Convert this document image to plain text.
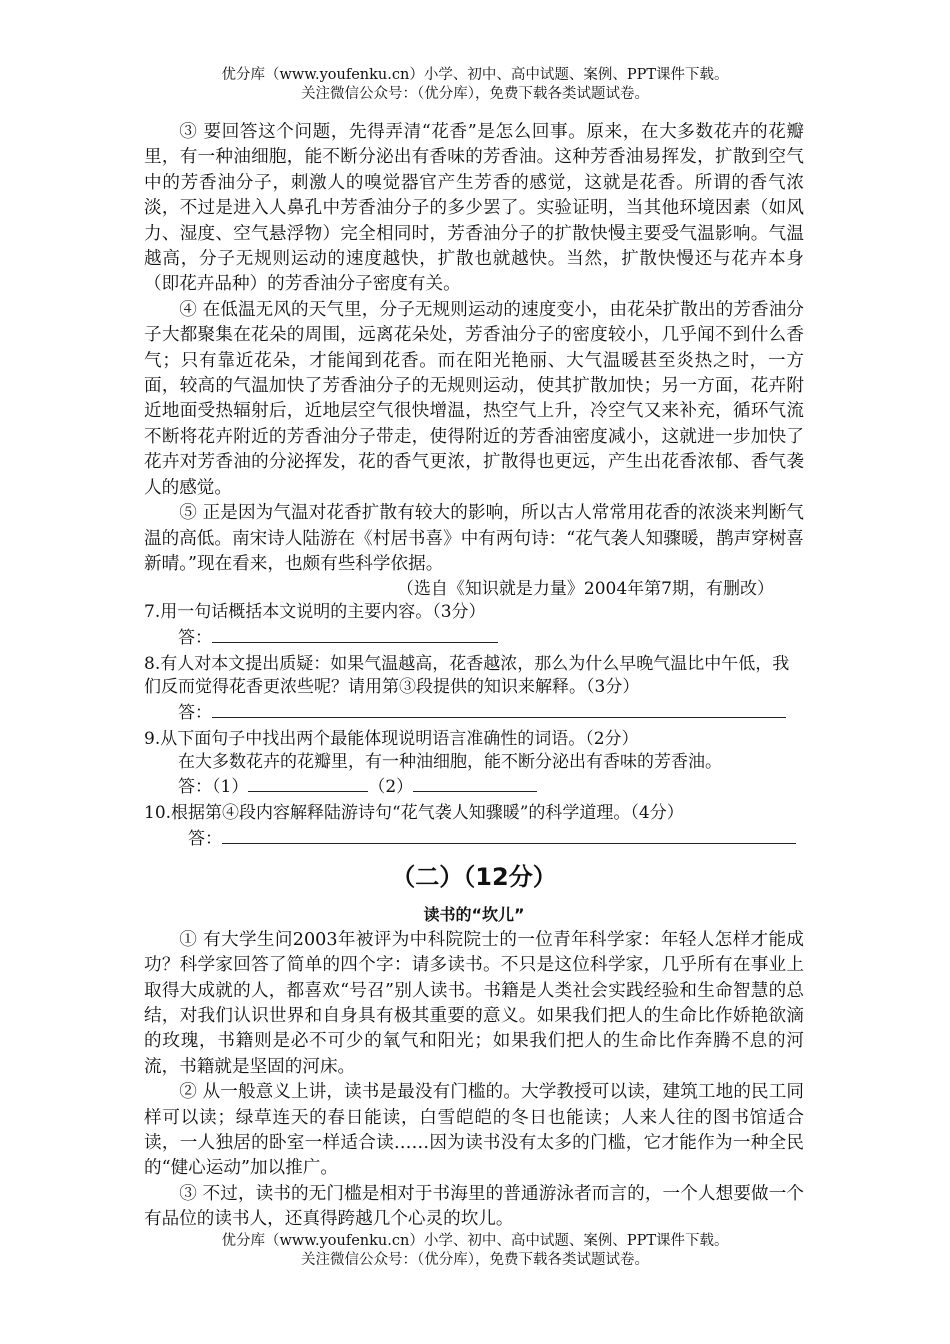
优分库（www.youfenku.cn）小学、初中、高中试题、案例、PPT课件下载。
关注微信公众号：（优分库），免费下载各类试题试卷。

③ 要回答这个问题，先得弄清“花香”是怎么回事。原来，在大多数花卉的花瓣里，有一种油细胞，能不断分泌出有香味的芳香油。这种芳香油易挥发，扩散到空气中的芳香油分子，刺激人的嗅觉器官产生芳香的感觉，这就是花香。所谓的香气浓淡，不过是进入人鼻孔中芳香油分子的多少罢了。实验证明，当其他环境因素（如风力、湿度、空气悬浮物）完全相同时，芳香油分子的扩散快慢主要受气温影响。气温越高，分子无规则运动的速度越快，扩散也就越快。当然，扩散快慢还与花卉本身（即花卉品种）的芳香油分子密度有关。

④ 在低温无风的天气里，分子无规则运动的速度变小，由花朵扩散出的芳香油分子大都聚集在花朵的周围，远离花朵处，芳香油分子的密度较小，几乎闻不到什么香气；只有靠近花朵，才能闻到花香。而在阳光艳丽、大气温暖甚至炎热之时，一方面，较高的气温加快了芳香油分子的无规则运动，使其扩散加快；另一方面，花卉附近地面受热辐射后，近地层空气很快增温，热空气上升，冷空气又来补充，循环气流不断将花卉附近的芳香油分子带走，使得附近的芳香油密度减小，这就进一步加快了花卉对芳香油的分泌挥发，花的香气更浓，扩散得也更远，产生出花香浓郁、香气袭人的感觉。

⑤ 正是因为气温对花香扩散有较大的影响，所以古人常常用花香的浓淡来判断气温的高低。南宋诗人陆游在《村居书喜》中有两句诗：“花气袭人知骤暖，鹊声穿树喜新晴。”现在看来，也颇有些科学依据。

（选自《知识就是力量》2004年第7期，有删改）

7.用一句话概括本文说明的主要内容。（3分）

答：

8.有人对本文提出质疑：如果气温越高，花香越浓，那么为什么早晚气温比中午低，我们反而觉得花香更浓些呢？请用第③段提供的知识来解释。（3分）

答：

9.从下面句子中找出两个最能体现说明语言准确性的词语。（2分）

在大多数花卉的花瓣里，有一种油细胞，能不断分泌出有香味的芳香油。

答：（1）	（2）

10.根据第④段内容解释陆游诗句“花气袭人知骤暖”的科学道理。（4分）

答：

（二）（12分）
读书的“坎儿”

① 有大学生问2003年被评为中科院院士的一位青年科学家：年轻人怎样才能成功？科学家回答了简单的四个字：请多读书。不只是这位科学家，几乎所有在事业上取得大成就的人，都喜欢“号召”别人读书。书籍是人类社会实践经验和生命智慧的总结，对我们认识世界和自身具有极其重要的意义。如果我们把人的生命比作娇艳欲滴的玫瑰，书籍则是必不可少的氧气和阳光；如果我们把人的生命比作奔腾不息的河流，书籍就是坚固的河床。

② 从一般意义上讲，读书是最没有门槛的。大学教授可以读，建筑工地的民工同样可以读；绿草连天的春日能读，白雪皑皑的冬日也能读；人来人往的图书馆适合读，一人独居的卧室一样适合读……因为读书没有太多的门槛，它才能作为一种全民的“健心运动”加以推广。

③ 不过，读书的无门槛是相对于书海里的普通游泳者而言的，一个人想要做一个有品位的读书人，还真得跨越几个心灵的坎儿。

优分库（www.youfenku.cn）小学、初中、高中试题、案例、PPT课件下载。
关注微信公众号：（优分库），免费下载各类试题试卷。
